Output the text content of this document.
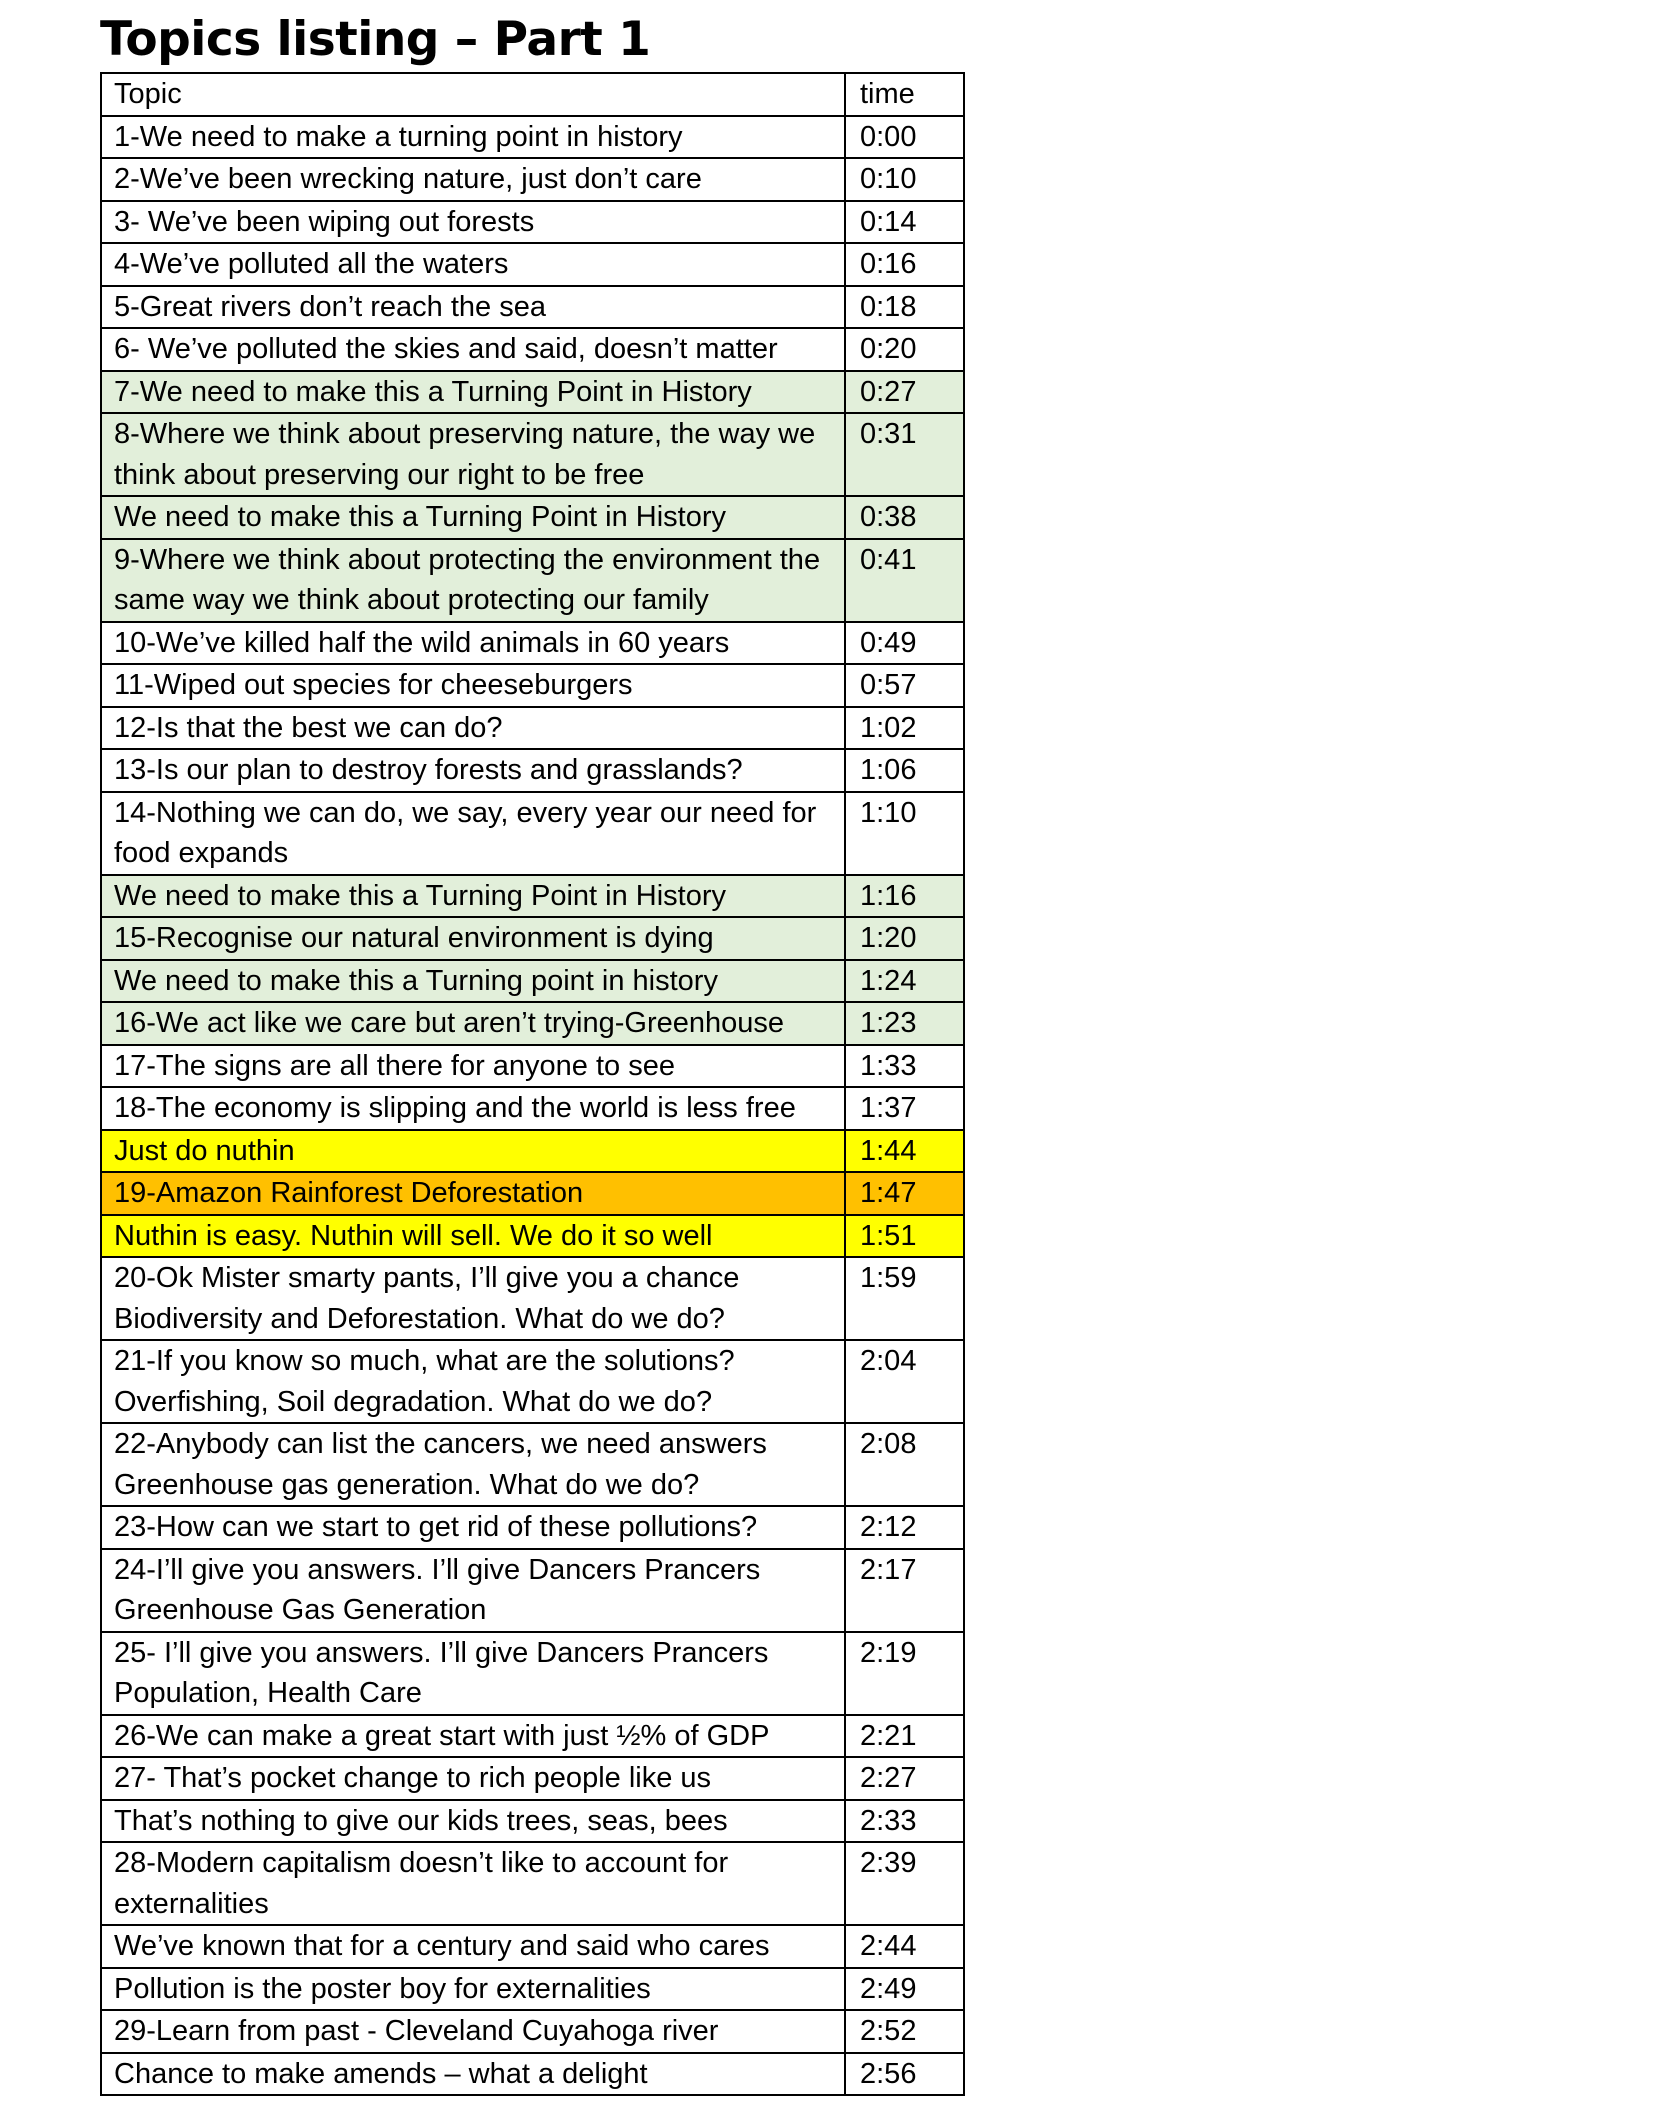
Topics listing – Part 1
Topic	time
1-We need to make a turning point in history	0:00
2-We’ve been wrecking nature, just don’t care	0:10
3- We’ve been wiping out forests	0:14
4-We’ve polluted all the waters	0:16
5-Great rivers don’t reach the sea	0:18
6- We’ve polluted the skies and said, doesn’t matter	0:20
7-We need to make this a Turning Point in History	0:27
8-Where we think about preserving nature, the way we think about preserving our right to be free	0:31
We need to make this a Turning Point in History	0:38
9-Where we think about protecting the environment the same way we think about protecting our family	0:41
10-We’ve killed half the wild animals in 60 years	0:49
11-Wiped out species for cheeseburgers	0:57
12-Is that the best we can do?	1:02
13-Is our plan to destroy forests and grasslands?	1:06
14-Nothing we can do, we say, every year our need for food expands	1:10
We need to make this a Turning Point in History	1:16
15-Recognise our natural environment is dying	1:20
We need to make this a Turning point in history	1:24
16-We act like we care but aren’t trying-Greenhouse	1:23
17-The signs are all there for anyone to see	1:33
18-The economy is slipping and the world is less free	1:37
Just do nuthin	1:44
19-Amazon Rainforest Deforestation	1:47
Nuthin is easy. Nuthin will sell. We do it so well	1:51
20-Ok Mister smarty pants, I’ll give you a chance Biodiversity and Deforestation. What do we do?	1:59
21-If you know so much, what are the solutions? Overfishing, Soil degradation. What do we do?	2:04
22-Anybody can list the cancers, we need answers Greenhouse gas generation. What do we do?	2:08
23-How can we start to get rid of these pollutions?	2:12
24-I’ll give you answers. I’ll give Dancers Prancers Greenhouse Gas Generation	2:17
25- I’ll give you answers. I’ll give Dancers Prancers Population, Health Care	2:19
26-We can make a great start with just ½% of GDP	2:21
27- That’s pocket change to rich people like us	2:27
That’s nothing to give our kids trees, seas, bees	2:33
28-Modern capitalism doesn’t like to account for externalities	2:39
We’ve known that for a century and said who cares	2:44
Pollution is the poster boy for externalities	2:49
29-Learn from past - Cleveland Cuyahoga river	2:52
Chance to make amends – what a delight	2:56
